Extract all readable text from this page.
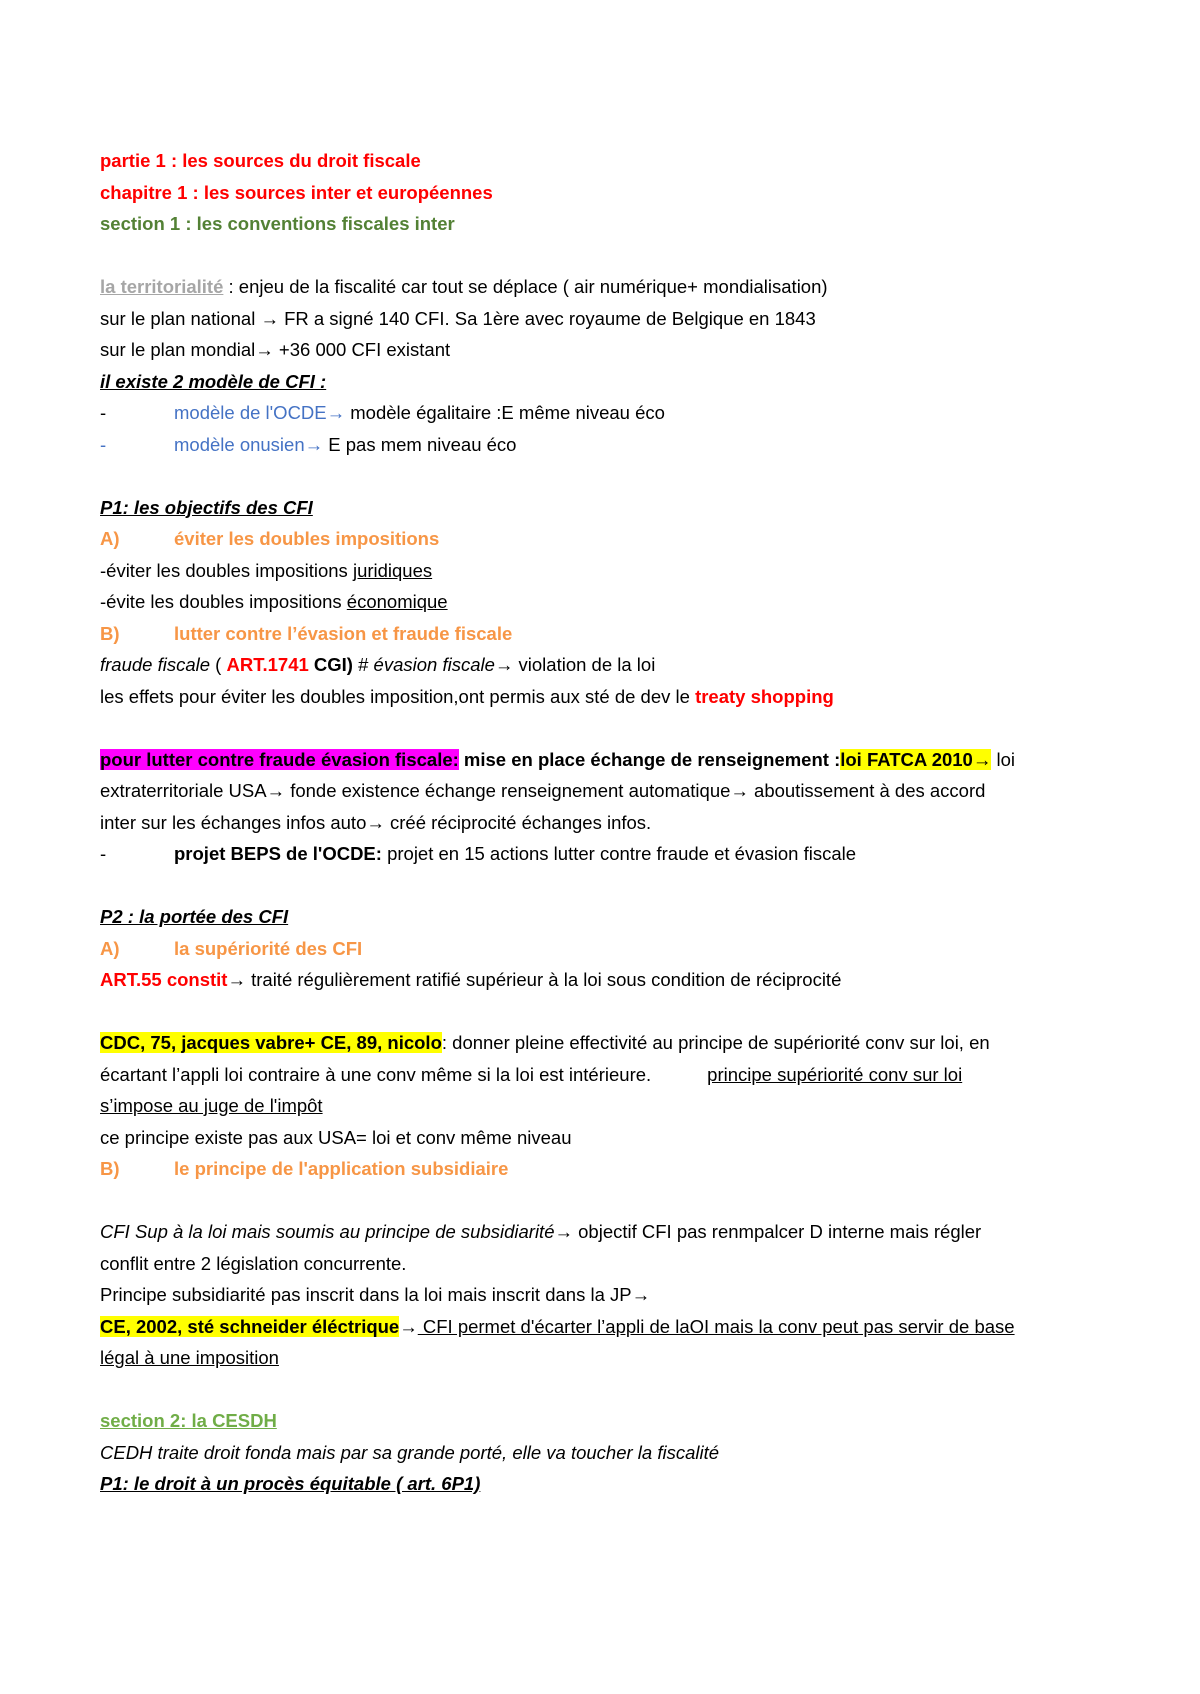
partie 1 : les sources du droit fiscale
chapitre 1 : les sources inter et européennes
section 1 : les conventions fiscales inter
la territorialité : enjeu de la fiscalité car tout se déplace ( air numérique+ mondialisation)
sur le plan national → FR a signé 140 CFI. Sa 1ère avec royaume de Belgique en 1843
sur le plan mondial→ +36 000 CFI existant
il existe 2 modèle de CFI :
-	modèle de l'OCDE→ modèle égalitaire :E même niveau éco
-	modèle onusien→ E pas mem niveau éco
P1: les objectifs des CFI
A)	éviter les doubles impositions
-éviter les doubles impositions juridiques
-évite les doubles impositions économique
B)	lutter contre l’évasion et fraude fiscale
fraude fiscale ( ART.1741 CGI) # évasion fiscale→ violation de la loi
les effets pour éviter les doubles imposition,ont permis aux sté de dev le treaty shopping
pour lutter contre fraude évasion fiscale: mise en place échange de renseignement :loi FATCA 2010→ loi
extraterritoriale USA→ fonde existence échange renseignement automatique→ aboutissement à des accord
inter sur les échanges infos auto→ créé réciprocité échanges infos.
-	projet BEPS de l'OCDE: projet en 15 actions lutter contre fraude et évasion fiscale
P2 : la portée des CFI
A)	la supériorité des CFI
ART.55 constit→ traité régulièrement ratifié supérieur à la loi sous condition de réciprocité
CDC, 75, jacques vabre+ CE, 89, nicolo: donner pleine effectivité au principe de supériorité conv sur loi, en
écartant l’appli loi contraire à une conv même si la loi est intérieure.	principe supériorité conv sur loi
s’impose au juge de l'impôt
ce principe existe pas aux USA= loi et conv même niveau
B)	le principe de l'application subsidiaire
CFI Sup à la loi mais soumis au principe de subsidiarité→ objectif CFI pas renmpalcer D interne mais régler
conflit entre 2 législation concurrente.
Principe subsidiarité pas inscrit dans la loi mais inscrit dans la JP→
CE, 2002, sté schneider éléctrique→ CFI permet d'écarter l’appli de laOI mais la conv peut pas servir de base
légal à une imposition
section 2: la CESDH
CEDH traite droit fonda mais par sa grande porté, elle va toucher la fiscalité
P1: le droit à un procès équitable ( art. 6P1)
